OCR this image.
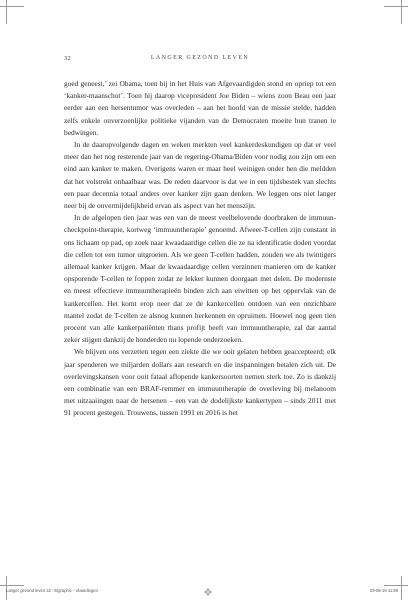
32	LANGER GEZOND LEVEN

goed geneest,’ zei Obama, toen hij in het Huis van Afgevaardigden stond en opriep tot een ‘kanker-maanschot’. Toen hij daarop vicepresident Joe Biden – wiens zoon Beau een jaar eerder aan een hersentumor was overleden – aan het hoofd van de missie stelde, hadden zelfs enkele onverzoenlijke politieke vijanden van de Democraten moeite hun tranen te bedwingen.

In de daaropvolgende dagen en weken merkten veel kankerdeskundigen op dat er veel meer dan het nog resterende jaar van de regering-Obama/Biden voor nodig zou zijn om een eind aan kanker te maken. Overigens waren er maar heel weinigen onder hen die meldden dat het volstrekt onhaalbaar was. De reden daarvoor is dat we in een tijdsbestek van slechts een paar decennia totaal anders over kanker zijn gaan denken. We leggen ons niet langer neer bij de onvermijdelijkheid ervan als aspect van het menszijn.

In de afgelopen tien jaar was een van de meest veelbelovende doorbraken de immuun-checkpoint-therapie, kortweg ‘immuuntherapie’ genoemd. Afweer-T-cellen zijn constant in ons lichaam op pad, op zoek naar kwaadaardige cellen die ze na identificatie doden voordat die cellen tot een tumor uitgroeien. Als we geen T-cellen hadden, zouden we als twintigers allemaal kanker krijgen. Maar de kwaadaardige cellen verzinnen manieren om de kanker opsporende T-cellen te foppen zodat ze lekker kunnen doorgaan met delen. De modernste en meest effectieve immuuntherapieën binden zich aan eiwitten op het oppervlak van de kankercellen. Het komt erop neer dat ze de kankercellen ontdoen van een onzichbare mantel zodat de T-cellen ze alsnog kunnen herkennen en opruimen. Hoewel nog geen tien procent van alle kankerpatiënten thans profijt heeft van immuuntherapie, zal dat aantal zeker stijgen dankzij de honderden nu lopende onderzoeken.

We blijven ons verzetten tegen een ziekte die we ooit gelaten hebben geaccepteerd; elk jaar spenderen we miljarden dollars aan research en die inspanningen betalen zich uit. De overlevingskansen voor ooit fataal aflopende kankersoorten nemen sterk toe. Zo is dankzij een combinatie van een BRAF-remmer en immuuntherapie de overleving bij melanoom met uitzaaiingen naar de hersenen – een van de dodelijkste kankertypen – sinds 2011 met 91 procent gestegen. Trouwens, tussen 1991 en 2016 is het

Langer gezond leven 32 : Elgraphic - Vlaardingen	29-08-19 11:59
